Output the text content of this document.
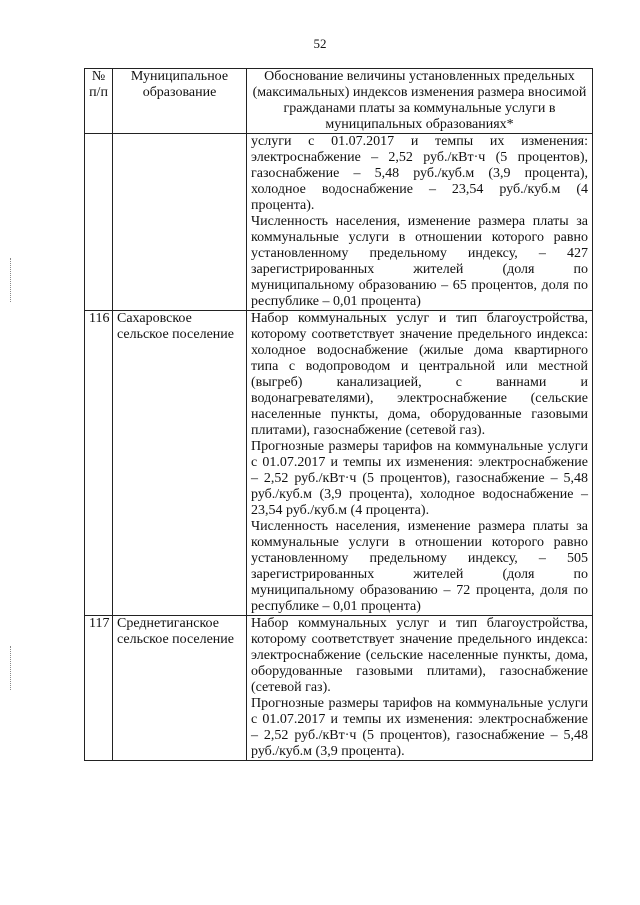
52
№ п/п	Муниципальное образование	Обоснование величины установленных предельных (максимальных) индексов изменения размера вносимой гражданами платы за коммунальные услуги в муниципальных образованиях*

		услуги с 01.07.2017 и темпы их изменения: электроснабжение – 2,52 руб./кВт·ч (5 процентов), газоснабжение – 5,48 руб./куб.м (3,9 процента), холодное водоснабжение – 23,54 руб./куб.м (4 процента).
Численность населения, изменение размера платы за коммунальные услуги в отношении которого равно установленному предельному индексу, – 427 зарегистрированных жителей (доля по муниципальному образованию – 65 процентов, доля по республике – 0,01 процента)

116	Сахаровское сельское поселение	Набор коммунальных услуг и тип благоустройства, которому соответствует значение предельного индекса: холодное водоснабжение (жилые дома квартирного типа с водопроводом и центральной или местной (выгреб) канализацией, с ваннами и водонагревателями), электроснабжение (сельские населенные пункты, дома, оборудованные газовыми плитами), газоснабжение (сетевой газ).
Прогнозные размеры тарифов на коммунальные услуги с 01.07.2017 и темпы их изменения: электроснабжение – 2,52 руб./кВт·ч (5 процентов), газоснабжение – 5,48 руб./куб.м (3,9 процента), холодное водоснабжение – 23,54 руб./куб.м (4 процента).
Численность населения, изменение размера платы за коммунальные услуги в отношении которого равно установленному предельному индексу, – 505 зарегистрированных жителей (доля по муниципальному образованию – 72 процента, доля по республике – 0,01 процента)

117	Среднетиганское сельское поселение	Набор коммунальных услуг и тип благоустройства, которому соответствует значение предельного индекса: электроснабжение (сельские населенные пункты, дома, оборудованные газовыми плитами), газоснабжение (сетевой газ).
Прогнозные размеры тарифов на коммунальные услуги с 01.07.2017 и темпы их изменения: электроснабжение – 2,52 руб./кВт·ч (5 процентов), газоснабжение – 5,48 руб./куб.м (3,9 процента).
